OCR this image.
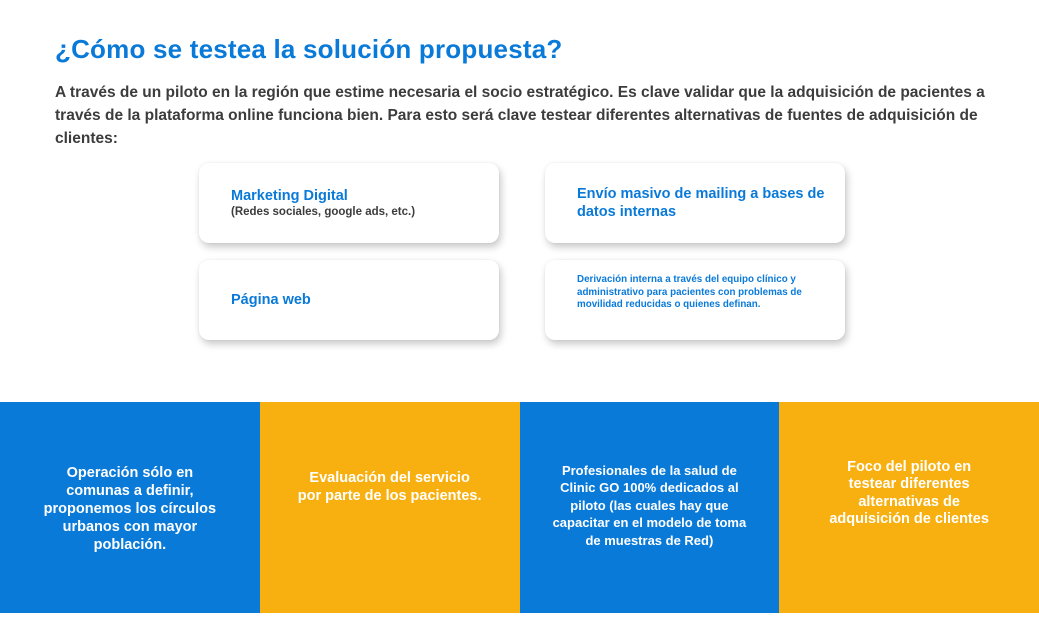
¿Cómo se testea la solución propuesta?

A través de un piloto en la región que estime necesaria el socio estratégico. Es clave validar que la adquisición de pacientes a través de la plataforma online funciona bien. Para esto será clave testear diferentes alternativas de fuentes de adquisición de clientes:

Marketing Digital
(Redes sociales, google ads, etc.)
Envío masivo de mailing a bases de datos internas
Página web
Derivación interna a través del equipo clínico y administrativo para pacientes con problemas de movilidad reducidas o quienes definan.
Operación sólo en comunas a definir, proponemos los círculos urbanos con mayor población.
Evaluación del servicio por parte de los pacientes.
Profesionales de la salud de Clinic GO 100% dedicados al piloto (las cuales hay que capacitar en el modelo de toma de muestras de Red)
Foco del piloto en testear diferentes alternativas de adquisición de clientes
